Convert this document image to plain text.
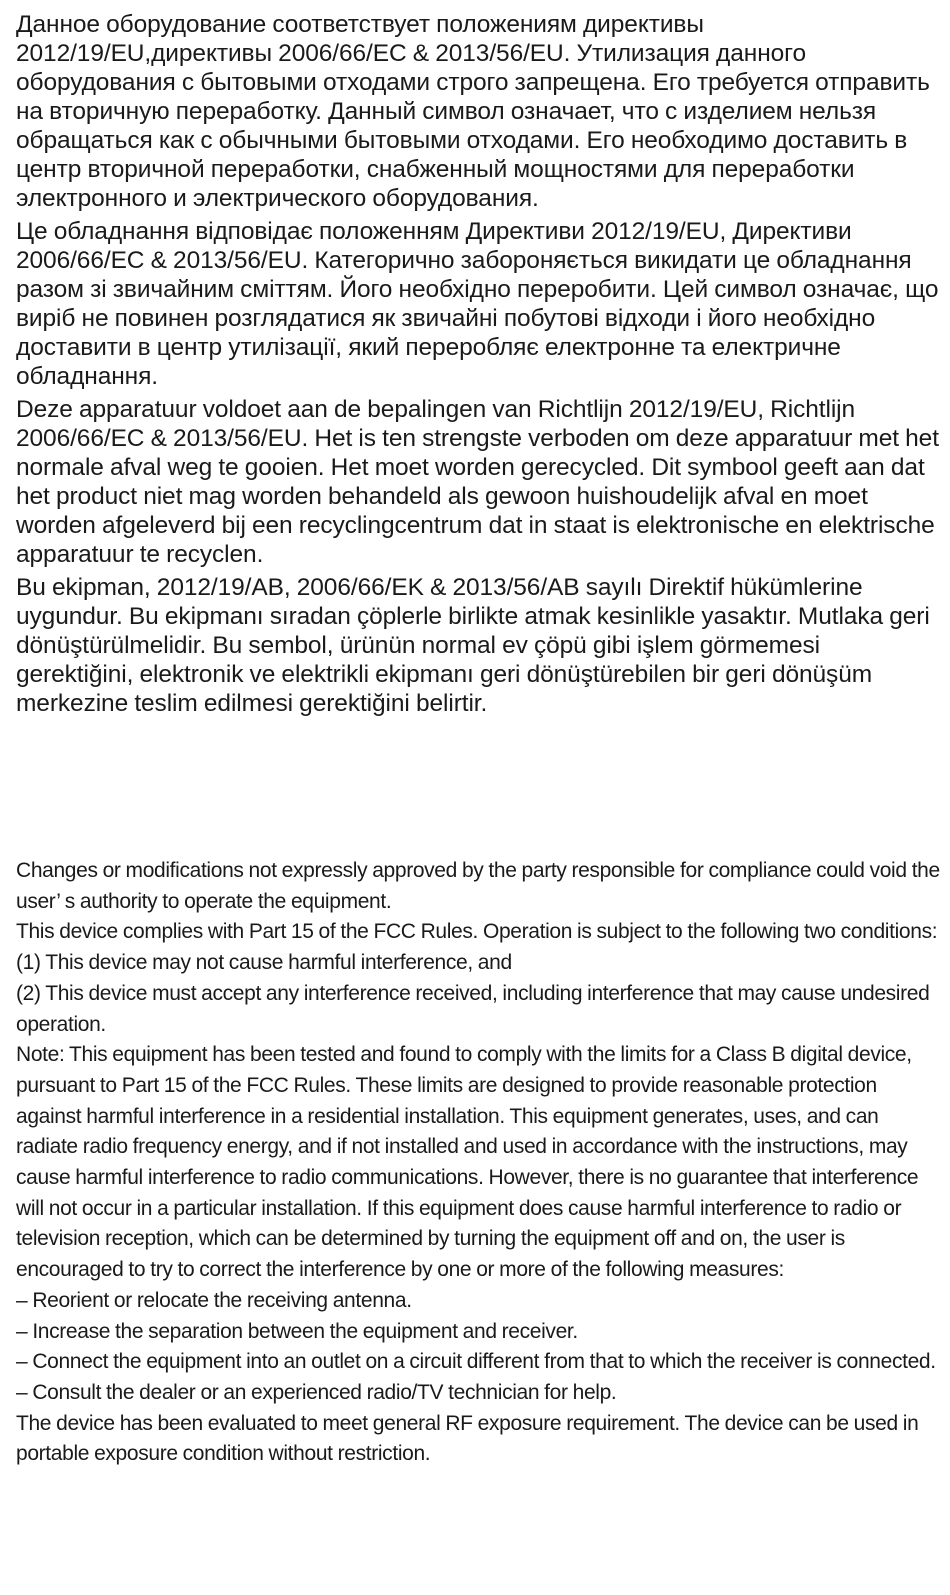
Данное оборудование соответствует положениям директивы 2012/19/EU,директивы 2006/66/EC & 2013/56/EU. Утилизация данного оборудования с бытовыми отходами строго запрещена. Его требуется отправить на вторичную переработку. Данный символ означает, что с изделием нельзя обращаться как с обычными бытовыми отходами. Его необходимо доставить в центр вторичной переработки, снабженный мощностями для переработки электронного и электрического оборудования.

Це обладнання відповідає положенням Директиви 2012/19/EU, Директиви 2006/66/EC & 2013/56/EU. Категорично забороняється викидати це обладнання разом зі звичайним сміттям. Його необхідно переробити. Цей символ означає, що виріб не повинен розглядатися як звичайні побутові відходи і його необхідно доставити в центр утилізації, який переробляє електронне та електричне обладнання.

Deze apparatuur voldoet aan de bepalingen van Richtlijn 2012/19/EU, Richtlijn 2006/66/EC & 2013/56/EU. Het is ten strengste verboden om deze apparatuur met het normale afval weg te gooien. Het moet worden gerecycled. Dit symbool geeft aan dat het product niet mag worden behandeld als gewoon huishoudelijk afval en moet worden afgeleverd bij een recyclingcentrum dat in staat is elektronische en elektrische apparatuur te recyclen.

Bu ekipman, 2012/19/AB, 2006/66/EK & 2013/56/AB sayılı Direktif hükümlerine uygundur. Bu ekipmanı sıradan çöplerle birlikte atmak kesinlikle yasaktır. Mutlaka geri dönüştürülmelidir. Bu sembol, ürünün normal ev çöpü gibi işlem görmemesi gerektiğini, elektronik ve elektrikli ekipmanı geri dönüştürebilen bir geri dönüşüm merkezine teslim edilmesi gerektiğini belirtir.

Changes or modifications not expressly approved by the party responsible for compliance could void the user’ s authority to operate the equipment.

This device complies with Part 15 of the FCC Rules. Operation is subject to the following two conditions:

(1) This device may not cause harmful interference, and

(2) This device must accept any interference received, including interference that may cause undesired operation.

Note: This equipment has been tested and found to comply with the limits for a Class B digital device, pursuant to Part 15 of the FCC Rules. These limits are designed to provide reasonable protection against harmful interference in a residential installation. This equipment generates, uses, and can radiate radio frequency energy, and if not installed and used in accordance with the instructions, may cause harmful interference to radio communications. However, there is no guarantee that interference will not occur in a particular installation. If this equipment does cause harmful interference to radio or television reception, which can be determined by turning the equipment off and on, the user is encouraged to try to correct the interference by one or more of the following measures:

– Reorient or relocate the receiving antenna.

– Increase the separation between the equipment and receiver.

– Connect the equipment into an outlet on a circuit different from that to which the receiver is connected.

– Consult the dealer or an experienced radio/TV technician for help.

The device has been evaluated to meet general RF exposure requirement. The device can be used in portable exposure condition without restriction.
